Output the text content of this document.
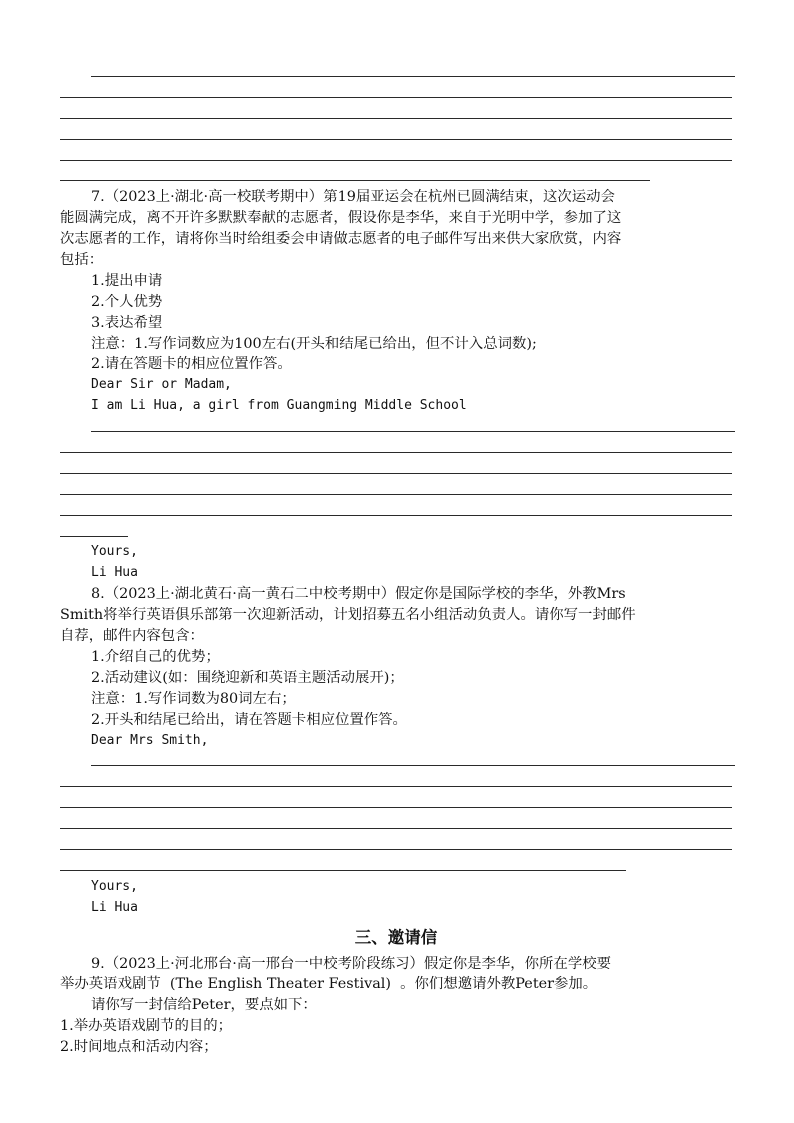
7.（2023上·湖北·高一校联考期中）第19届亚运会在杭州已圆满结束，这次运动会
能圆满完成，离不开许多默默奉献的志愿者，假设你是李华，来自于光明中学，参加了这
次志愿者的工作，请将你当时给组委会申请做志愿者的电子邮件写出来供大家欣赏，内容
包括：
1.提出申请
2.个人优势
3.表达希望
注意：1.写作词数应为100左右(开头和结尾已给出，但不计入总词数);
2.请在答题卡的相应位置作答。
Dear Sir or Madam,
I am Li Hua, a girl from Guangming Middle School
Yours,
Li Hua
8.（2023上·湖北黄石·高一黄石二中校考期中）假定你是国际学校的李华，外教Mrs
Smith将举行英语俱乐部第一次迎新活动，计划招募五名小组活动负责人。请你写一封邮件
自荐，邮件内容包含：
1.介绍自己的优势；
2.活动建议(如：围绕迎新和英语主题活动展开)；
注意：1.写作词数为80词左右；
2.开头和结尾已给出，请在答题卡相应位置作答。
Dear Mrs Smith,
Yours,
Li Hua
三、邀请信
9.（2023上·河北邢台·高一邢台一中校考阶段练习）假定你是李华，你所在学校要
举办英语戏剧节  (The English Theater Festival)  。你们想邀请外教Peter参加。
请你写一封信给Peter，要点如下：
1.举办英语戏剧节的目的；
2.时间地点和活动内容；
